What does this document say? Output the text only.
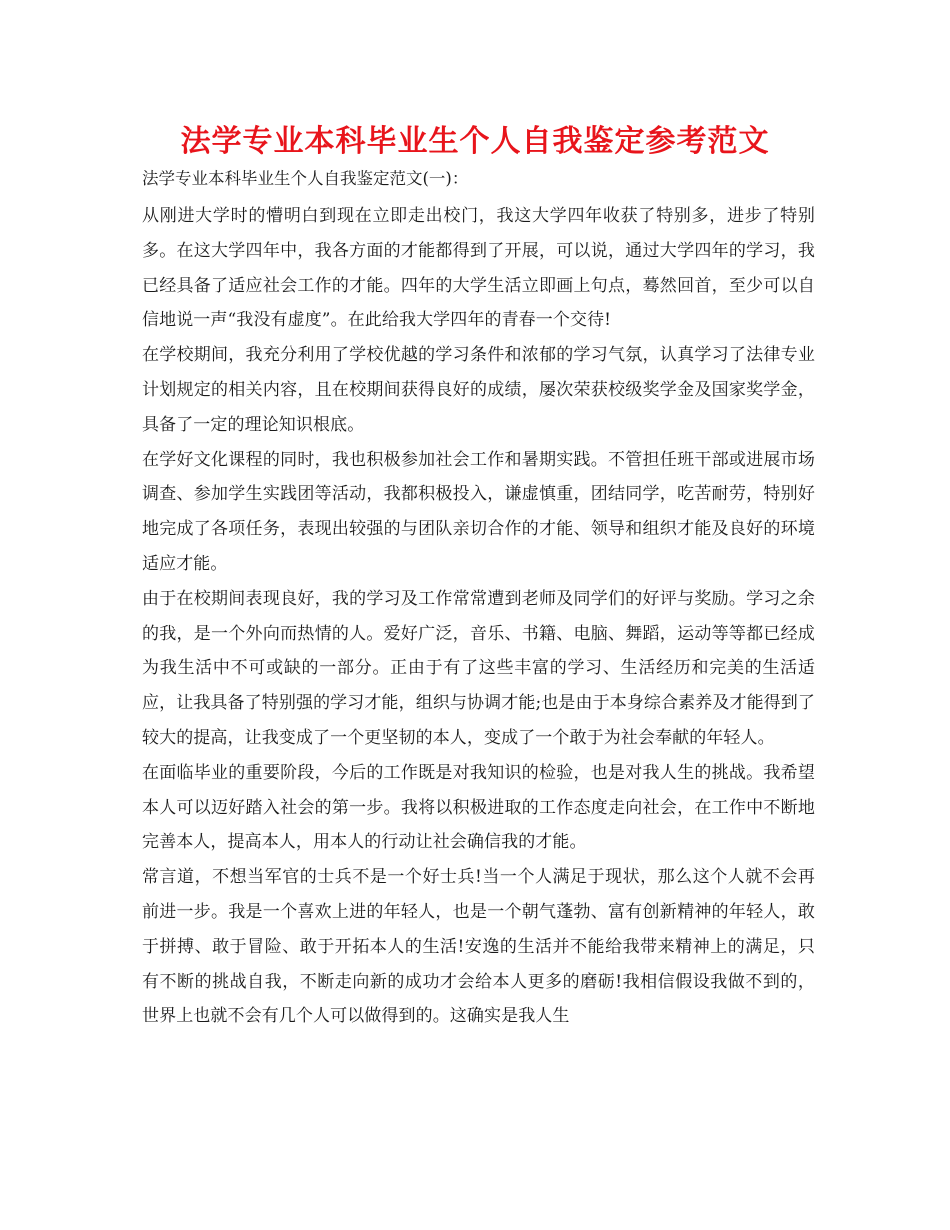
法学专业本科毕业生个人自我鉴定参考范文

法学专业本科毕业生个人自我鉴定范文(一)：

从刚进大学时的懵明白到现在立即走出校门，我这大学四年收获了特别多，进步了特别多。在这大学四年中，我各方面的才能都得到了开展，可以说，通过大学四年的学习，我已经具备了适应社会工作的才能。四年的大学生活立即画上句点，蓦然回首，至少可以自信地说一声“我没有虚度”。在此给我大学四年的青春一个交待!

在学校期间，我充分利用了学校优越的学习条件和浓郁的学习气氛，认真学习了法律专业计划规定的相关内容，且在校期间获得良好的成绩，屡次荣获校级奖学金及国家奖学金，具备了一定的理论知识根底。

在学好文化课程的同时，我也积极参加社会工作和暑期实践。不管担任班干部或进展市场调查、参加学生实践团等活动，我都积极投入，谦虚慎重，团结同学，吃苦耐劳，特别好地完成了各项任务，表现出较强的与团队亲切合作的才能、领导和组织才能及良好的环境适应才能。

由于在校期间表现良好，我的学习及工作常常遭到老师及同学们的好评与奖励。学习之余的我，是一个外向而热情的人。爱好广泛，音乐、书籍、电脑、舞蹈，运动等等都已经成为我生活中不可或缺的一部分。正由于有了这些丰富的学习、生活经历和完美的生活适应，让我具备了特别强的学习才能，组织与协调才能;也是由于本身综合素养及才能得到了较大的提高，让我变成了一个更坚韧的本人，变成了一个敢于为社会奉献的年轻人。

在面临毕业的重要阶段，今后的工作既是对我知识的检验，也是对我人生的挑战。我希望本人可以迈好踏入社会的第一步。我将以积极进取的工作态度走向社会，在工作中不断地完善本人，提高本人，用本人的行动让社会确信我的才能。

常言道，不想当军官的士兵不是一个好士兵!当一个人满足于现状，那么这个人就不会再前进一步。我是一个喜欢上进的年轻人，也是一个朝气蓬勃、富有创新精神的年轻人，敢于拼搏、敢于冒险、敢于开拓本人的生活!安逸的生活并不能给我带来精神上的满足，只有不断的挑战自我，不断走向新的成功才会给本人更多的磨砺!我相信假设我做不到的，世界上也就不会有几个人可以做得到的。这确实是我人生
